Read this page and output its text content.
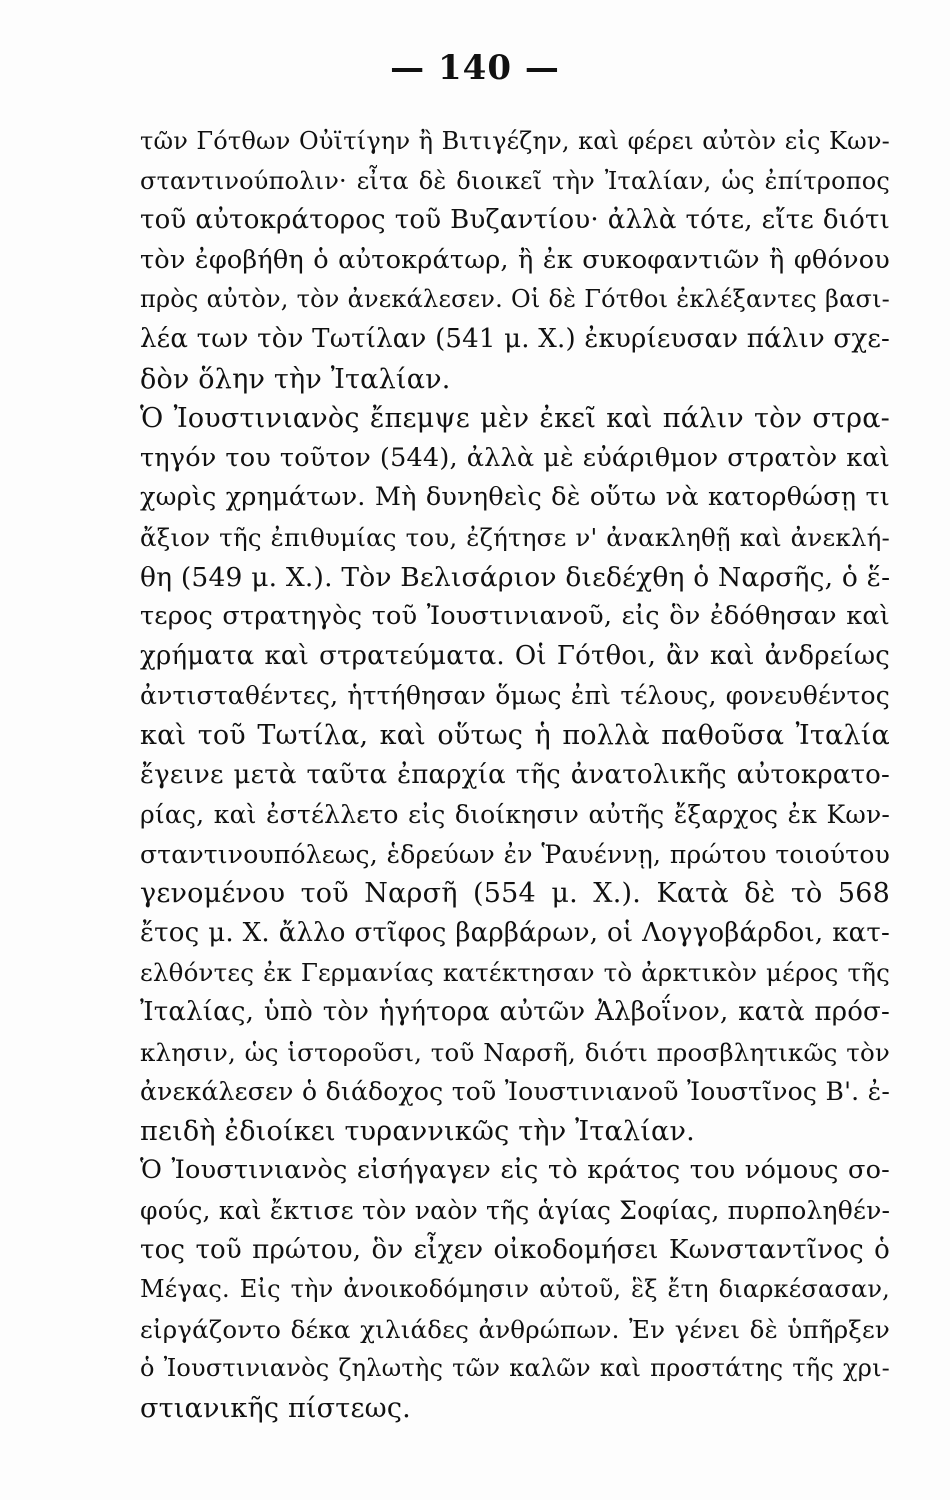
— 140 —
τῶν Γότθων Οὐϊτίγην ἢ Βιτιγέζην, καὶ φέρει αὐτὸν εἰς Κων-
σταντινούπολιν· εἶτα δὲ διοικεῖ τὴν Ἰταλίαν, ὡς ἐπίτροπος
τοῦ αὐτοκράτορος τοῦ Βυζαντίου· ἀλλὰ τότε, εἴτε διότι
τὸν ἐφοβήθη ὁ αὐτοκράτωρ, ἢ ἐκ συκοφαντιῶν ἢ φθόνου
πρὸς αὐτὸν, τὸν ἀνεκάλεσεν. Οἱ δὲ Γότθοι ἐκλέξαντες βασι-
λέα των τὸν Τωτίλαν (541 μ. Χ.) ἐκυρίευσαν πάλιν σχε-
δὸν ὅλην τὴν Ἰταλίαν.
Ὁ Ἰουστινιανὸς ἔπεμψε μὲν ἐκεῖ καὶ πάλιν τὸν στρα-
τηγόν του τοῦτον (544), ἀλλὰ μὲ εὐάριθμον στρατὸν καὶ
χωρὶς χρημάτων. Μὴ δυνηθεὶς δὲ οὕτω νὰ κατορθώσῃ τι
ἄξιον τῆς ἐπιθυμίας του, ἐζήτησε ν' ἀνακληθῇ καὶ ἀνεκλή-
θη (549 μ. Χ.). Τὸν Βελισάριον διεδέχθη ὁ Ναρσῆς, ὁ ἕ-
τερος στρατηγὸς τοῦ Ἰουστινιανοῦ, εἰς ὃν ἐδόθησαν καὶ
χρήματα καὶ στρατεύματα. Οἱ Γότθοι, ἂν καὶ ἀνδρείως
ἀντισταθέντες, ἡττήθησαν ὅμως ἐπὶ τέλους, φονευθέντος
καὶ τοῦ Τωτίλα, καὶ οὕτως ἡ πολλὰ παθοῦσα Ἰταλία
ἔγεινε μετὰ ταῦτα ἐπαρχία τῆς ἀνατολικῆς αὐτοκρατο-
ρίας, καὶ ἐστέλλετο εἰς διοίκησιν αὐτῆς ἔξαρχος ἐκ Κων-
σταντινουπόλεως, ἑδρεύων ἐν Ῥαυέννῃ, πρώτου τοιούτου
γενομένου τοῦ Ναρσῆ (554 μ. Χ.). Κατὰ δὲ τὸ 568
ἔτος μ. Χ. ἄλλο στῖφος βαρβάρων, οἱ Λογγοβάρδοι, κατ-
ελθόντες ἐκ Γερμανίας κατέκτησαν τὸ ἀρκτικὸν μέρος τῆς
Ἰταλίας, ὑπὸ τὸν ἡγήτορα αὐτῶν Ἀλβοΐνον, κατὰ πρόσ-
κλησιν, ὡς ἱστοροῦσι, τοῦ Ναρσῆ, διότι προσβλητικῶς τὸν
ἀνεκάλεσεν ὁ διάδοχος τοῦ Ἰουστινιανοῦ Ἰουστῖνος Β'. ἐ-
πειδὴ ἐδιοίκει τυραννικῶς τὴν Ἰταλίαν.
Ὁ Ἰουστινιανὸς εἰσήγαγεν εἰς τὸ κράτος του νόμους σο-
φούς, καὶ ἔκτισε τὸν ναὸν τῆς ἁγίας Σοφίας, πυρποληθέν-
τος τοῦ πρώτου, ὃν εἶχεν οἰκοδομήσει Κωνσταντῖνος ὁ
Μέγας. Εἰς τὴν ἀνοικοδόμησιν αὐτοῦ, ἓξ ἔτη διαρκέσασαν,
εἰργάζοντο δέκα χιλιάδες ἀνθρώπων. Ἐν γένει δὲ ὑπῆρξεν
ὁ Ἰουστινιανὸς ζηλωτὴς τῶν καλῶν καὶ προστάτης τῆς χρι-
στιανικῆς πίστεως.
